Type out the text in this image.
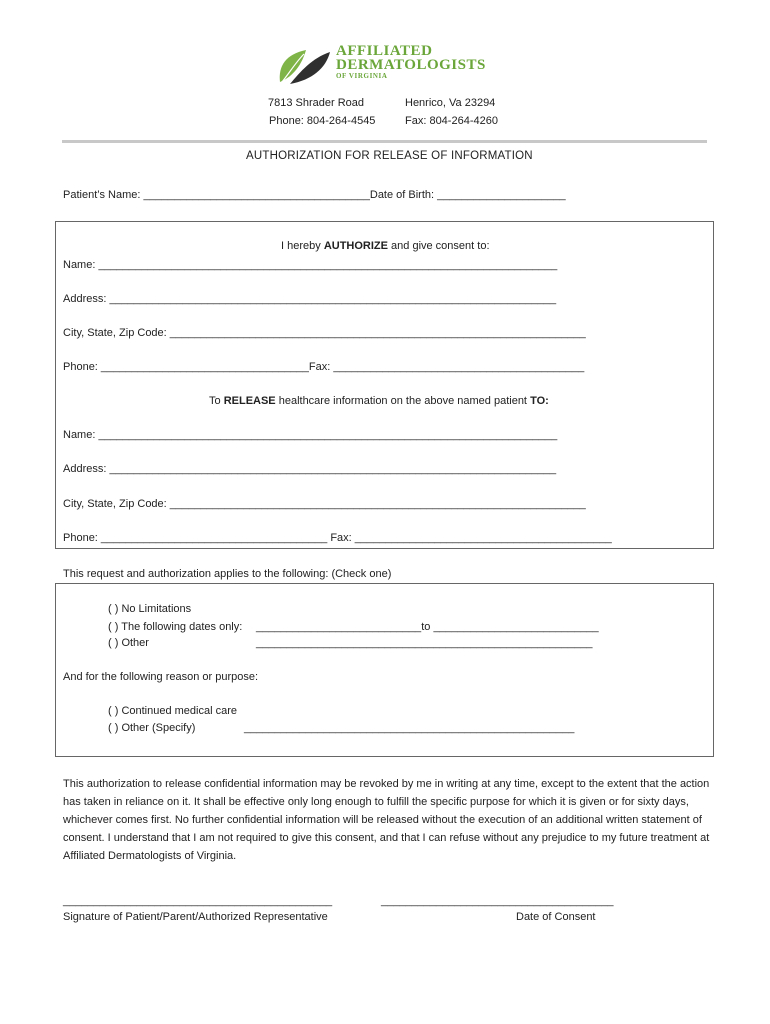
AFFILIATED
DERMATOLOGISTS
OF VIRGINIA
7813 Shrader Road	Henrico, Va 23294
Phone: 804-264-4545	Fax: 804-264-4260
AUTHORIZATION FOR RELEASE OF INFORMATION
Patient’s Name: _____________________________________Date of Birth: _____________________
I hereby AUTHORIZE and give consent to:
Name: ___________________________________________________________________________
Address: _________________________________________________________________________
City, State, Zip Code: ____________________________________________________________________
Phone: __________________________________Fax: _________________________________________
To RELEASE healthcare information on the above named patient TO:
Name: ___________________________________________________________________________
Address: _________________________________________________________________________
City, State, Zip Code: ____________________________________________________________________
Phone: _____________________________________ Fax: __________________________________________
This request and authorization applies to the following: (Check one)
( ) No Limitations
( ) The following dates only: ___________________________to ___________________________
( ) Other	_______________________________________________________
And for the following reason or purpose:
( ) Continued medical care
( ) Other (Specify)	______________________________________________________
This authorization to release confidential information may be revoked by me in writing at any time, except to the extent that the action has taken in reliance on it. It shall be effective only long enough to fulfill the specific purpose for which it is given or for sixty days, whichever comes first. No further confidential information will be released without the execution of an additional written statement of consent. I understand that I am not required to give this consent, and that I can refuse without any prejudice to my future treatment at Affiliated Dermatologists of Virginia.
____________________________________________
Signature of Patient/Parent/Authorized Representative
______________________________________
Date of Consent
